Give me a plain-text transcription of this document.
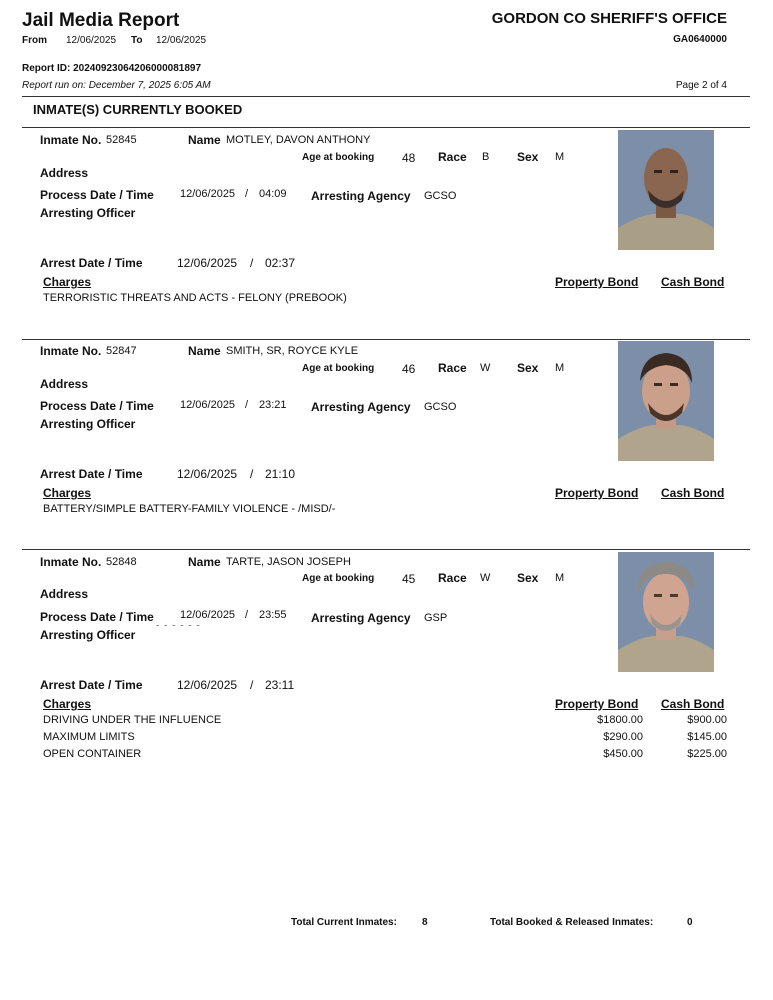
Jail Media Report
From 12/06/2025 To 12/06/2025
GORDON CO SHERIFF'S OFFICE
GA0640000
Report ID: 20240923064206000081897
Report run on: December 7, 2025 6:05 AM	Page 2 of 4
INMATE(S) CURRENTLY BOOKED
Inmate No. 52845	Name MOTLEY, DAVON ANTHONY
Age at booking 48 Race B Sex M
Address
Process Date / Time 12/06/2025 / 04:09 Arresting Agency GCSO
Arresting Officer
Arrest Date / Time	12/06/2025 / 02:37
Charges	Property Bond Cash Bond
TERRORISTIC THREATS AND ACTS - FELONY (PREBOOK)
Inmate No. 52847	Name SMITH, SR, ROYCE KYLE
Age at booking 46 Race W Sex M
Address
Process Date / Time 12/06/2025 / 23:21 Arresting Agency GCSO
Arresting Officer
Arrest Date / Time	12/06/2025 / 21:10
Charges	Property Bond Cash Bond
BATTERY/SIMPLE BATTERY-FAMILY VIOLENCE - /MISD/-
Inmate No. 52848	Name TARTE, JASON JOSEPH
Age at booking 45 Race W Sex M
Address
Process Date / Time 12/06/2025 / 23:55 Arresting Agency GSP
Arresting Officer ˉ ˉ ˉ ˉ ˉ ˉ
Arrest Date / Time	12/06/2025 / 23:11
Charges	Property Bond Cash Bond
DRIVING UNDER THE INFLUENCE	$1800.00	$900.00
MAXIMUM LIMITS	$290.00	$145.00
OPEN CONTAINER	$450.00	$225.00
Total Current Inmates:	8	Total Booked & Released Inmates:	0
